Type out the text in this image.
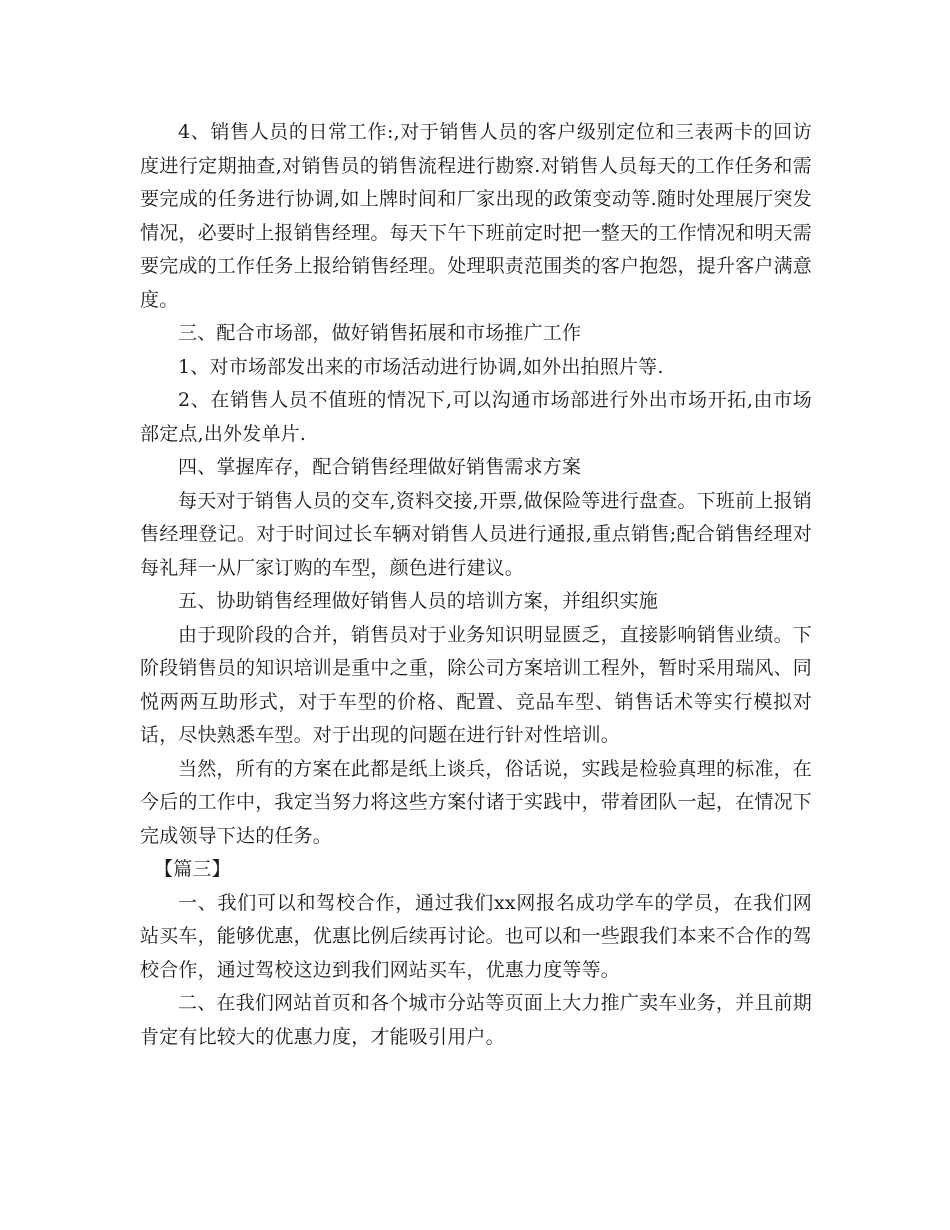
4、销售人员的日常工作:,对于销售人员的客户级别定位和三表两卡的回访度进行定期抽查,对销售员的销售流程进行勘察.对销售人员每天的工作任务和需要完成的任务进行协调,如上牌时间和厂家出现的政策变动等.随时处理展厅突发情况，必要时上报销售经理。每天下午下班前定时把一整天的工作情况和明天需要完成的工作任务上报给销售经理。处理职责范围类的客户抱怨，提升客户满意度。

三、配合市场部，做好销售拓展和市场推广工作

1、对市场部发出来的市场活动进行协调,如外出拍照片等.

2、在销售人员不值班的情况下,可以沟通市场部进行外出市场开拓,由市场部定点,出外发单片.

四、掌握库存，配合销售经理做好销售需求方案

每天对于销售人员的交车,资料交接,开票,做保险等进行盘查。下班前上报销售经理登记。对于时间过长车辆对销售人员进行通报,重点销售;配合销售经理对每礼拜一从厂家订购的车型，颜色进行建议。

五、协助销售经理做好销售人员的培训方案，并组织实施

由于现阶段的合并，销售员对于业务知识明显匮乏，直接影响销售业绩。下阶段销售员的知识培训是重中之重，除公司方案培训工程外，暂时采用瑞风、同悦两两互助形式，对于车型的价格、配置、竞品车型、销售话术等实行模拟对话，尽快熟悉车型。对于出现的问题在进行针对性培训。

当然，所有的方案在此都是纸上谈兵，俗话说，实践是检验真理的标准，在今后的工作中，我定当努力将这些方案付诸于实践中，带着团队一起，在情况下完成领导下达的任务。

【篇三】

一、我们可以和驾校合作，通过我们xx网报名成功学车的学员，在我们网站买车，能够优惠，优惠比例后续再讨论。也可以和一些跟我们本来不合作的驾校合作，通过驾校这边到我们网站买车，优惠力度等等。

二、在我们网站首页和各个城市分站等页面上大力推广卖车业务，并且前期肯定有比较大的优惠力度，才能吸引用户。
